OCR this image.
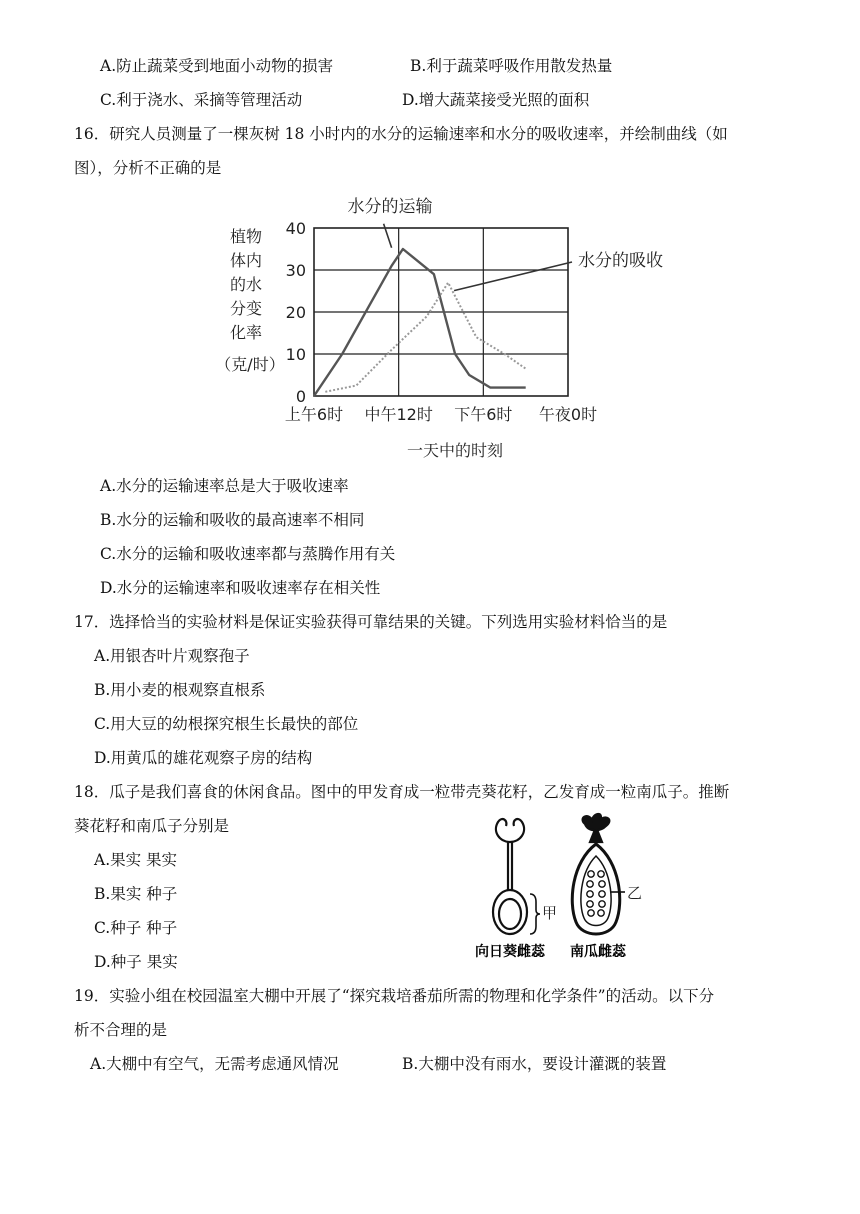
A.防止蔬菜受到地面小动物的损害	B.利于蔬菜呼吸作用散发热量
C.利于浇水、采摘等管理活动	D.增大蔬菜接受光照的面积
16．研究人员测量了一棵灰树 18 小时内的水分的运输速率和水分的吸收速率，并绘制曲线（如
图），分析不正确的是
植物
体内
的水
分变
化率
（克/时）
0
10
20
30
40
上午6时 中午12时 下午6时 午夜0时
水分的运输
水分的吸收
一天中的时刻
A.水分的运输速率总是大于吸收速率
B.水分的运输和吸收的最高速率不相同
C.水分的运输和吸收速率都与蒸腾作用有关
D.水分的运输速率和吸收速率存在相关性
17．选择恰当的实验材料是保证实验获得可靠结果的关键。下列选用实验材料恰当的是
A.用银杏叶片观察孢子
B.用小麦的根观察直根系
C.用大豆的幼根探究根生长最快的部位
D.用黄瓜的雄花观察子房的结构
18．瓜子是我们喜食的休闲食品。图中的甲发育成一粒带壳葵花籽，乙发育成一粒南瓜子。推断
葵花籽和南瓜子分别是
A.果实 果实
B.果实 种子
C.种子 种子
D.种子 果实
甲
乙
向日葵雌蕊 南瓜雌蕊
19．实验小组在校园温室大棚中开展了“探究栽培番茄所需的物理和化学条件”的活动。以下分
析不合理的是
A.大棚中有空气，无需考虑通风情况	B.大棚中没有雨水，要设计灌溉的装置
